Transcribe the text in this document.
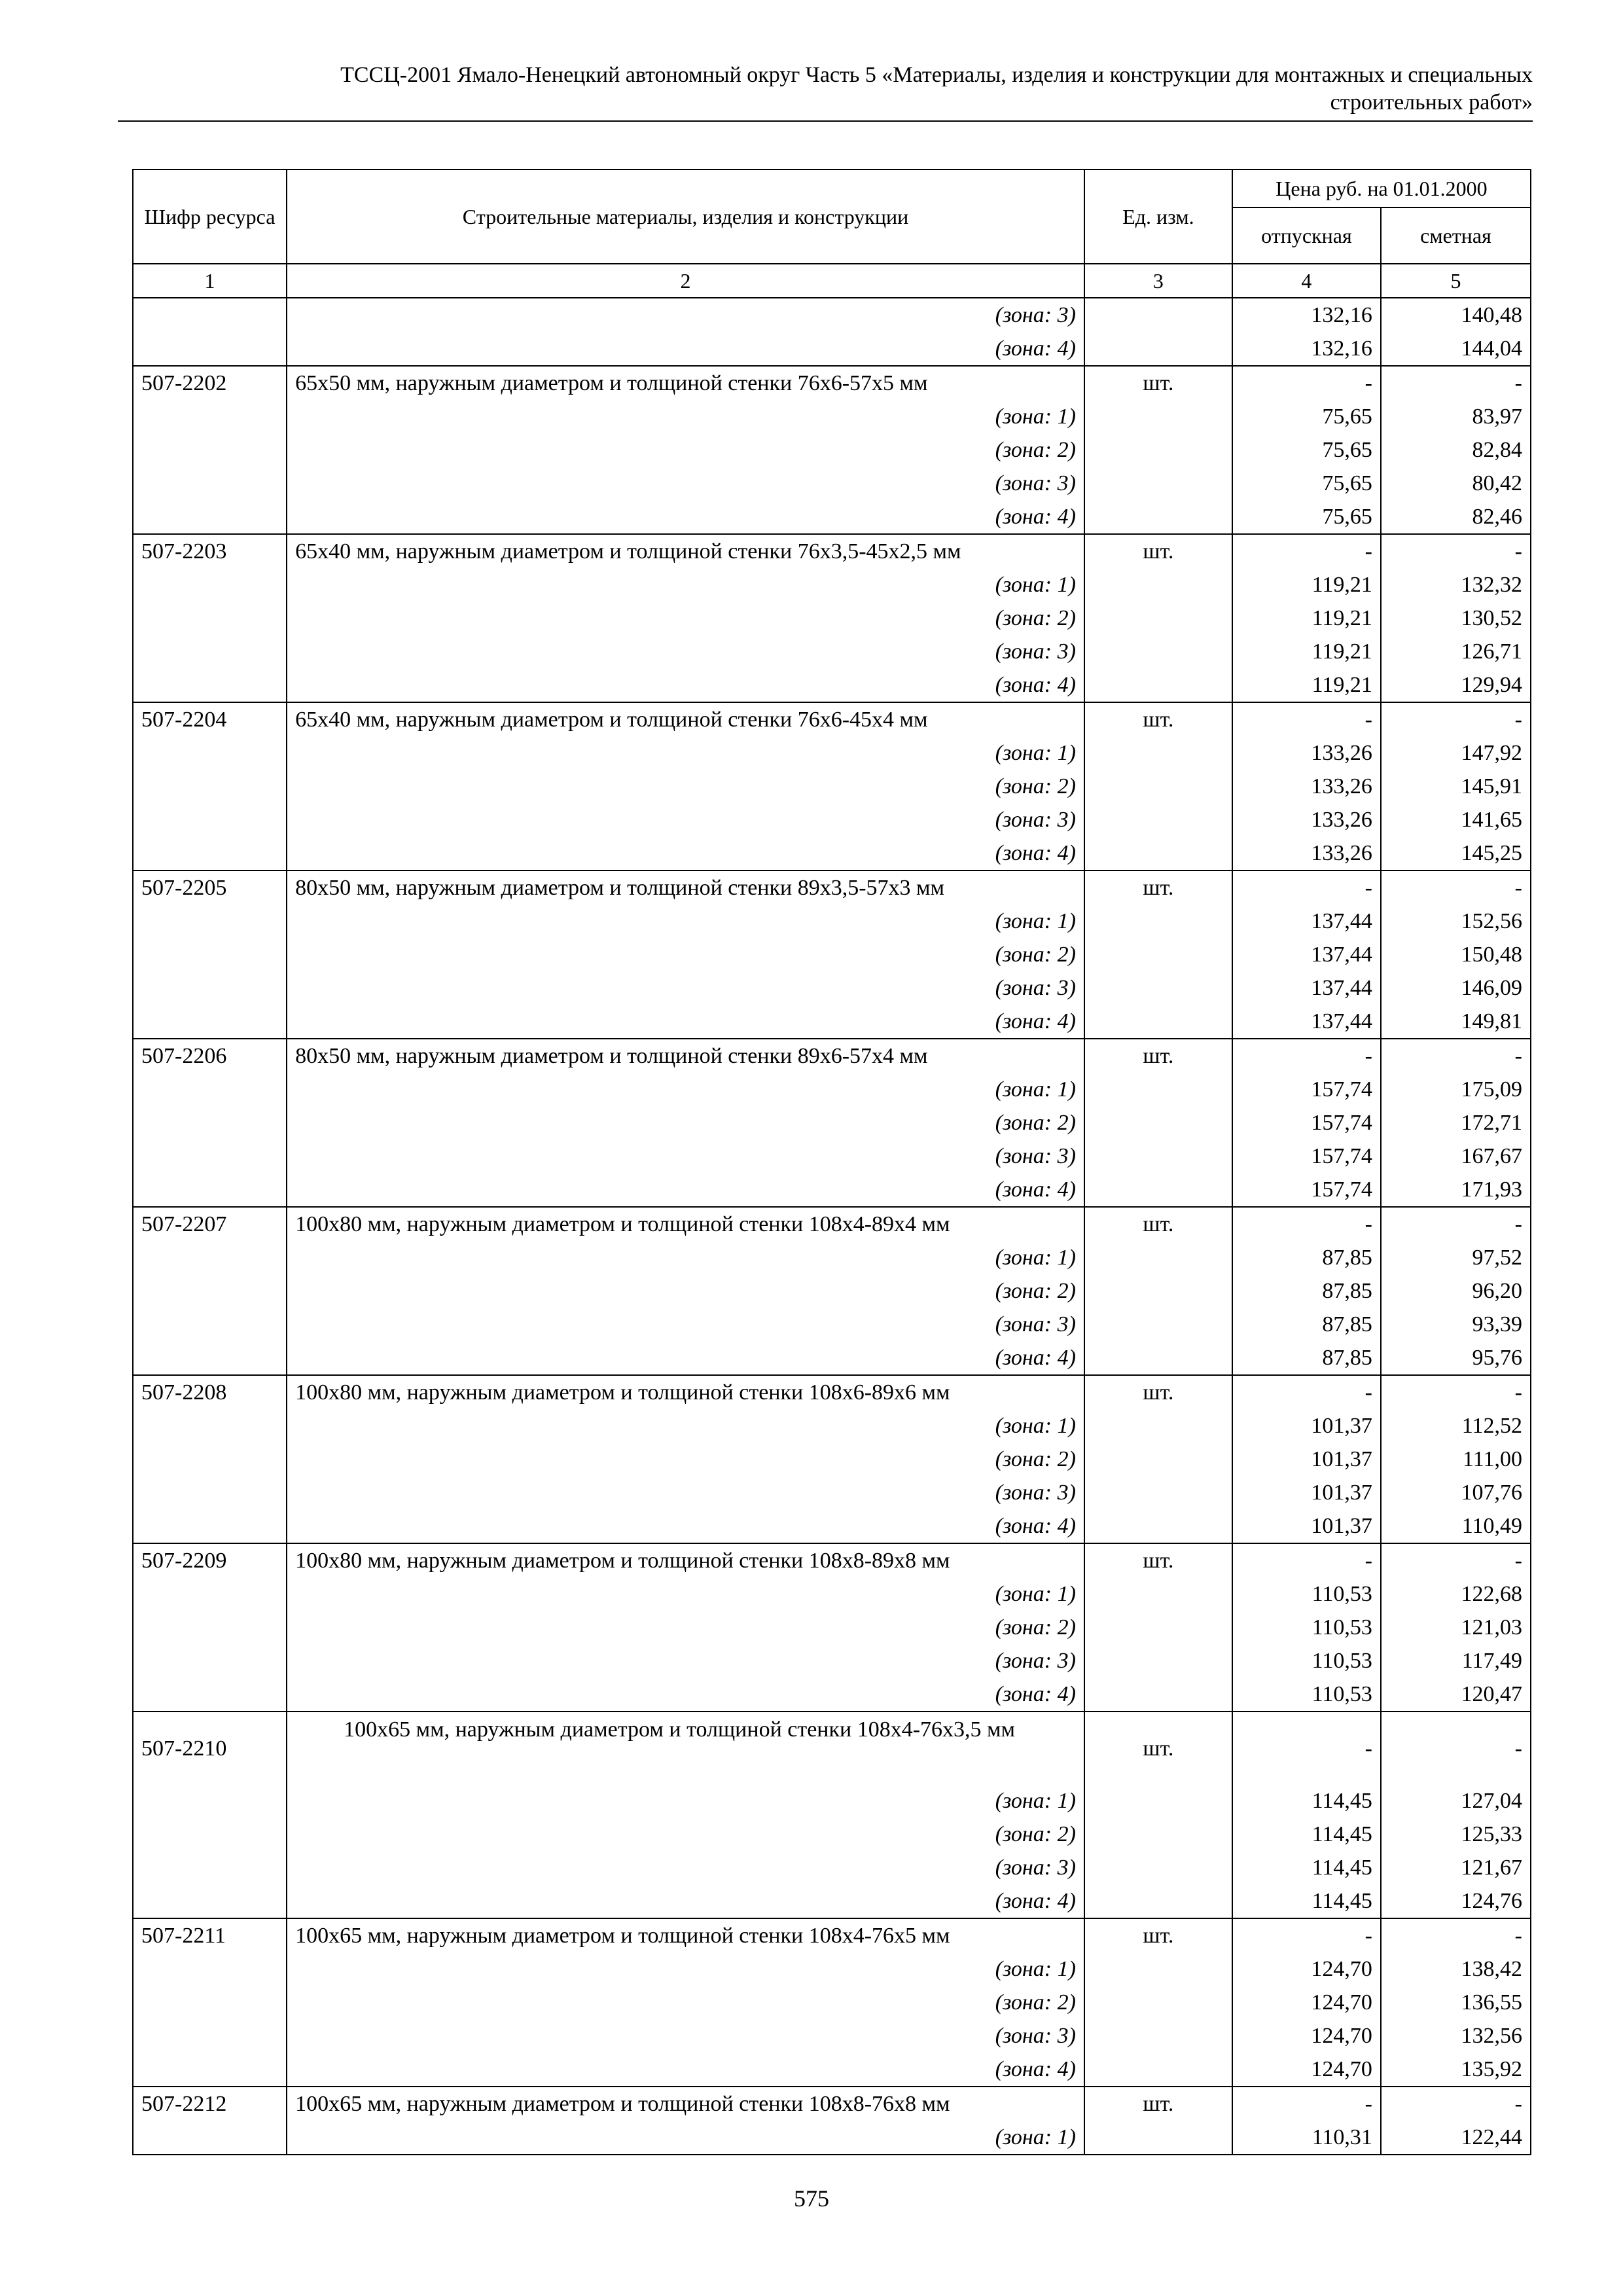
ТССЦ-2001 Ямало-Ненецкий автономный округ Часть 5 «Материалы, изделия и конструкции для монтажных и специальных
строительных работ»
Шифр ресурса	Строительные материалы, изделия и конструкции	Ед. изм.	Цена руб. на 01.01.2000	
			отпускная	сметная
1	2	3	4	5
	(зона: 3)		132,16	140,48
	(зона: 4)		132,16	144,04
507-2202	65х50 мм, наружным диаметром и толщиной стенки 76х6-57х5 мм	шт.	-	-
	(зона: 1)		75,65	83,97
	(зона: 2)		75,65	82,84
	(зона: 3)		75,65	80,42
	(зона: 4)		75,65	82,46
507-2203	65х40 мм, наружным диаметром и толщиной стенки 76х3,5-45х2,5 мм	шт.	-	-
	(зона: 1)		119,21	132,32
	(зона: 2)		119,21	130,52
	(зона: 3)		119,21	126,71
	(зона: 4)		119,21	129,94
507-2204	65х40 мм, наружным диаметром и толщиной стенки 76х6-45х4 мм	шт.	-	-
	(зона: 1)		133,26	147,92
	(зона: 2)		133,26	145,91
	(зона: 3)		133,26	141,65
	(зона: 4)		133,26	145,25
507-2205	80х50 мм, наружным диаметром и толщиной стенки 89х3,5-57х3 мм	шт.	-	-
	(зона: 1)		137,44	152,56
	(зона: 2)		137,44	150,48
	(зона: 3)		137,44	146,09
	(зона: 4)		137,44	149,81
507-2206	80х50 мм, наружным диаметром и толщиной стенки 89х6-57х4 мм	шт.	-	-
	(зона: 1)		157,74	175,09
	(зона: 2)		157,74	172,71
	(зона: 3)		157,74	167,67
	(зона: 4)		157,74	171,93
507-2207	100х80 мм, наружным диаметром и толщиной стенки 108х4-89х4 мм	шт.	-	-
	(зона: 1)		87,85	97,52
	(зона: 2)		87,85	96,20
	(зона: 3)		87,85	93,39
	(зона: 4)		87,85	95,76
507-2208	100х80 мм, наружным диаметром и толщиной стенки 108х6-89х6 мм	шт.	-	-
	(зона: 1)		101,37	112,52
	(зона: 2)		101,37	111,00
	(зона: 3)		101,37	107,76
	(зона: 4)		101,37	110,49
507-2209	100х80 мм, наружным диаметром и толщиной стенки 108х8-89х8 мм	шт.	-	-
	(зона: 1)		110,53	122,68
	(зона: 2)		110,53	121,03
	(зона: 3)		110,53	117,49
	(зона: 4)		110,53	120,47
507-2210	100х65 мм, наружным диаметром и толщиной стенки 108х4-76х3,5 мм	шт.	-	-
	(зона: 1)		114,45	127,04
	(зона: 2)		114,45	125,33
	(зона: 3)		114,45	121,67
	(зона: 4)		114,45	124,76
507-2211	100х65 мм, наружным диаметром и толщиной стенки 108х4-76х5 мм	шт.	-	-
	(зона: 1)		124,70	138,42
	(зона: 2)		124,70	136,55
	(зона: 3)		124,70	132,56
	(зона: 4)		124,70	135,92
507-2212	100х65 мм, наружным диаметром и толщиной стенки 108х8-76х8 мм	шт.	-	-
	(зона: 1)		110,31	122,44
575
